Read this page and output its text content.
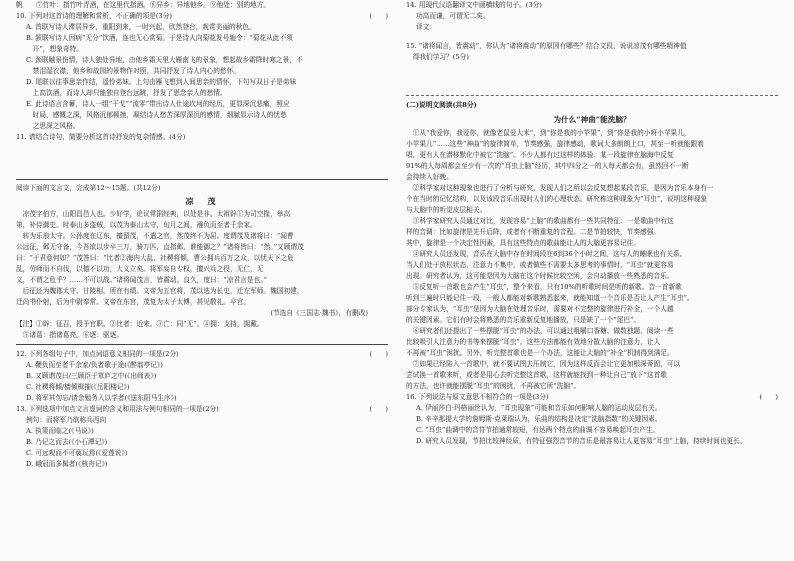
帆　　⑦竹叶：指竹叶青酒，在这里代指酒。⑧异乡：异地他乡。⑨他处：别的地方。
10. 下列对这首诗的理解和赏析，不正确的项是(3分)	(　　)
A. 首联写诗人滞居异乡，重阳到来，一时兴起，欣然登台，观赏美丽的秋色。
B. 颔联写诗人因病“无分”饮酒，连也无心赏菊。于是诗人向菊花发号施令：“菊花从此不须
　开”，想象奇特。
C. 颈联触景伤情，诗人独处异地，由他乡霜天里大雁南飞的景象，想起故乡霜降时寒之景，不
　禁泪湿衣襟，他乡和故园的景物作对照，共同抒发了诗人内心的愁怀。
D. 尾联以往事思亲作结，遥怜弟妹。上句由雁飞想到人间思亲的情怀，下句写双日子是弟妹
　上高饮酒，而诗人却只能独自登台远眺，抒发了思念亲人的愁情。
E. 此诗语言含蓄，诗人一组“干戈”“流零”带出诗人仕途坎坷的经历，更显深沉悲痛，照应
　时局，感慨之深，风格沉郁顿挫，凝结诗人愁苦深厚深沉的感情，细腻显示诗人的忧愁
　之思深之风格。
11. 请结合诗句，简要分析这首诗抒发的复杂情感。(4分)
阅读下面的文言文，完成第12～15题。(共12分)
凉　茂
　凉茂字伯方，山阳昌邑人也。少好学，论议常据经典，以处是非。太祖辟①为司空掾，举高
第，补侍御史。时泰山多盗贼，以茂为泰山太守，旬月之间，襁负而至者千余家。
　转为乐浪太守。公孙度在辽东，擅留茂，不遣之官，然茂终不为屈。度谓茂及诸将曰：“闻曹
公远征，邺无守备，今吾欲以步卒三万，骑万匹，直指邺，谁能御之？”诸将皆曰：“然。”又顾谓茂
曰：“于君意何如？”茂答曰：“比者②海内大乱，社稷将倾，曹公拥兵百万之众，以忧天下之危
乱，劳师而不自伐，以德不以功，大义立矣。将军妄自专权，擅兴兵之役，无仁，无
义，不谓之危乎？……不可以战。”诸将闻茂言，皆震动。良久，度曰：“凉君言是也。”
　后征还为魏郡太守、甘陵相，所在有绩。文帝为五官将，茂以选为长史，迁左军师。魏国初建，
迁尚书仆射，后为中尉奉常。文帝在东宫，茂复为太子太傅，甚见敬礼。卒官。
(节选自《三国志·魏书》，有删改)
【注】①辟：征召，授予官职。②比者：近来。③亡：同“无”。④拥：支持，拥戴。
　⑤诸葛：指诸葛亮。⑥逐：驱逐。
12. 下列各组句子中，加点词语意义相同的一项是(2分)	(　　)
A. 鞭负而至者千余家/负者歌于途(《醉翁亭记》)
B. 又顾谓茂曰/三顾臣于草庐之中(《出师表》)
C. 社稷将倾/樯倾楫摧(《岳阳楼记》)
D. 将军其勿忘/请余勉务入以学者(《送东阳马生序》)
13. 下列选项中加点文言虚词的含义和用法与例句相同的一项是(2分)	(　　)
例句：而将军乃欲称兵西向
A. 执策而临之(《马说》)
B. 乃记之而去(《小石潭记》)
C. 可远观而不可亵玩焉(《爱莲说》)
D. 峨冠而多髯者(《核舟记》)
14. 用现代汉语翻译文中画横线的句子。(3分)
功高而谦，可谓无二矣。
译文：
15. “诸将闻言，皆震动”，你认为“诸将震动”的原因有哪些？结合文段，说说凉茂有哪些精神值
　得我们学习？(5分)
(二)说明文阅读(共8分)
为什么“神曲”能洗脑？
　①从“我爱你，我爱你，就像老鼠爱大米”，到“你是我的小苹果”，到“你是我的小呀小苹果儿，
小苹果儿”……这些“神曲”的旋律简单，节奏感强，旋律感动，歌词大多朗朗上口，甚至一听就能跟着
唱，更有人在潜移默化中被它“洗脑”。不少人都有过这样的体验：某一段旋律在脑海中反复
91%的人每周都会至少有一次的“耳虫上脑”经历，其中四分之一的人每天都会有，虽然回不一断
会持续入好晚。
　②科学家对这种现象也进行了分析与研究，发现人们之所以会反复想起某段音乐，是因为音乐本身有一
个在当时的记忆结构，以及该段音乐出现时人们的心理状态。研究称这种现象为“耳虫”，说明这种现象
与大脑中的听觉皮层相关。
　③科学家研究人员通过对比，发现容易“上脑”的歌曲都有一些共同特征：一是歌曲中有这
样的音调：比如旋律是先升后降，或者有不断重复的音程。二是节拍较快，节奏感强。
其中，旋律是一个决定性因素，具有这些特点的歌曲能让人的大脑更容易记住。
　④研究人员还发现，音乐在大脑中存在时间段在6到36个小时之间，这与人的睡眠也有关系。
当人们处于放松状态，注意力不集中，或者做些不需要太多思考的事情时，“耳虫”就更容易
出现。研究者认为，这可能是因为大脑在这个时候比较空闲，会自动播放一些熟悉的音乐。
　⑤反复听一首歌也会产生“耳虫”，整个来看，只有10%的听歌时间是听的新歌。音一首新歌
听到三遍时只能记住一段，一般人都能对新歌熟悉起来，就能知道一个音乐是否让人产生“耳虫”。
部分专家认为，“耳虫”是因为大脑在处理音乐时，需要对不完整的旋律进行补全，一个人越
的关键因素。它们有时会将熟悉的音乐重新反复地播放，只是缺了一个“尾巴”。
　⑥研究者们还提出了一些摆脱“耳虫”的办法，可以通过咀嚼口香糖、做数独题、阅读一些
比较吸引人注意力的书等来摆脱“耳虫”。这些方法都能有效地分散大脑的注意力，让人
不再被“耳虫”困扰。另外，听完整首歌也是一个办法，这能让大脑的“补全”机制得到满足。
　⑦如果已经陷入一首歌中，就不要试图去压制它，因为这样反而会让它更加根深蒂固，可以
尝试换一首歌来听，或者是用心去听完整这首歌，这样就能找到一种让自己“放下”这首歌
的方法，也许就能摆脱“耳虫”的困扰，不再被它所“洗脑”。
16. 下列说法与原文意思不相符合的一项是(3分)	(　　)
A. 伊丽莎白·玛格丽丝认为，“耳虫现象”可能和音乐如何影响人脑的运动皮层有关。
B. 辛辛那提大学的詹姆斯·克莱瑞认为，乐曲的结构是决定“洗脑指数”的关键因素。
C. “耳虫”曲调中的音符节拍通常较短，有达两个特点的曲调不容易唤起耳虫产生。
D. 研究人员发现，节拍比较神经质，有特征强烈音节的音乐是最容易让人更容易“耳虫”上脑，持续时间也更长。
